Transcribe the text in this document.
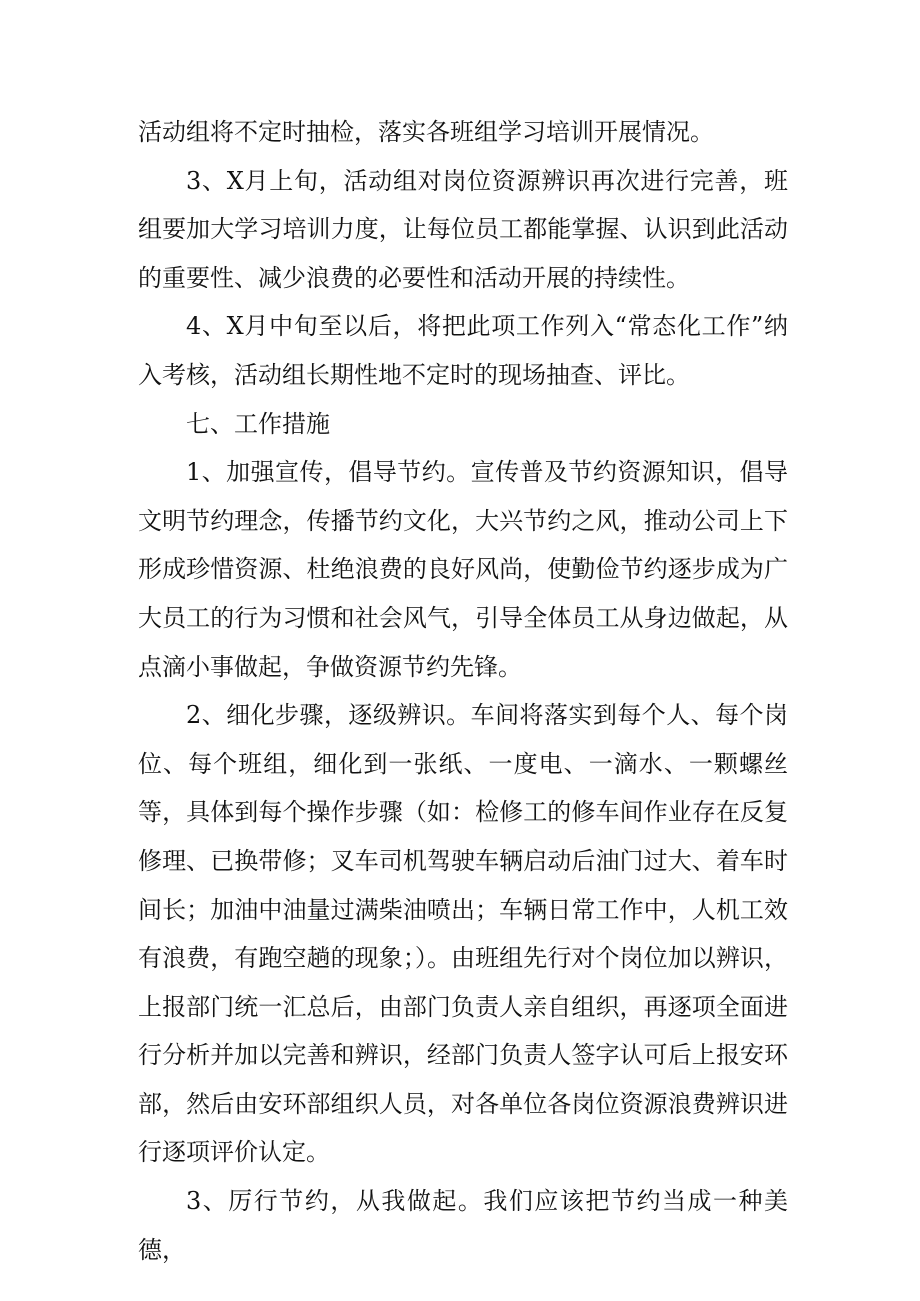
活动组将不定时抽检，落实各班组学习培训开展情况。

3、X月上旬，活动组对岗位资源辨识再次进行完善，班组要加大学习培训力度，让每位员工都能掌握、认识到此活动的重要性、减少浪费的必要性和活动开展的持续性。

4、X月中旬至以后，将把此项工作列入“常态化工作”纳入考核，活动组长期性地不定时的现场抽查、评比。

七、工作措施

1、加强宣传，倡导节约。宣传普及节约资源知识，倡导文明节约理念，传播节约文化，大兴节约之风，推动公司上下形成珍惜资源、杜绝浪费的良好风尚，使勤俭节约逐步成为广大员工的行为习惯和社会风气，引导全体员工从身边做起，从点滴小事做起，争做资源节约先锋。

2、细化步骤，逐级辨识。车间将落实到每个人、每个岗位、每个班组，细化到一张纸、一度电、一滴水、一颗螺丝等，具体到每个操作步骤（如：检修工的修车间作业存在反复修理、已换带修；叉车司机驾驶车辆启动后油门过大、着车时间长；加油中油量过满柴油喷出；车辆日常工作中，人机工效有浪费，有跑空趟的现象；）。由班组先行对个岗位加以辨识，上报部门统一汇总后，由部门负责人亲自组织，再逐项全面进行分析并加以完善和辨识，经部门负责人签字认可后上报安环部，然后由安环部组织人员，对各单位各岗位资源浪费辨识进行逐项评价认定。

3、厉行节约，从我做起。我们应该把节约当成一种美德，
